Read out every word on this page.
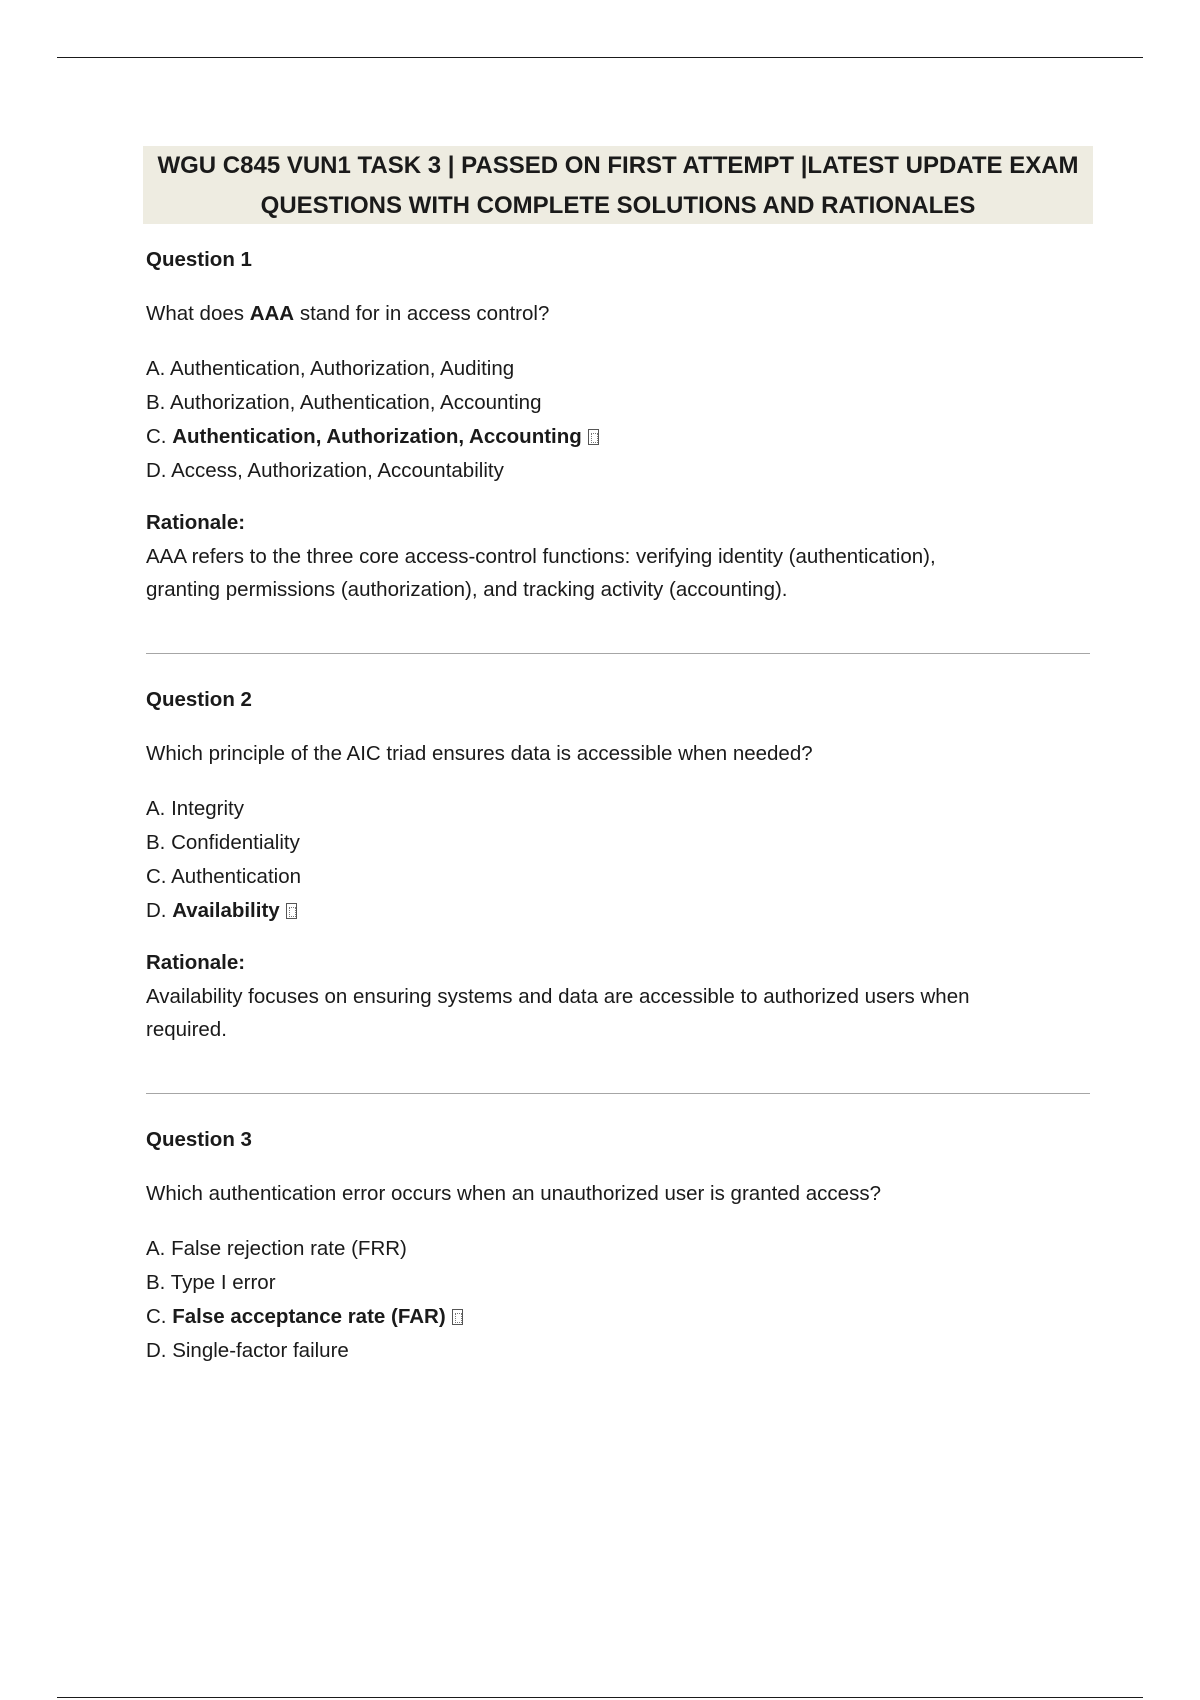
WGU C845 VUN1 TASK 3 | PASSED ON FIRST ATTEMPT |LATEST UPDATE EXAM
QUESTIONS WITH COMPLETE SOLUTIONS AND RATIONALES
Question 1
What does AAA stand for in access control?
A. Authentication, Authorization, Auditing
B. Authorization, Authentication, Accounting
C. Authentication, Authorization, Accounting
D. Access, Authorization, Accountability
Rationale:
AAA refers to the three core access-control functions: verifying identity (authentication),
granting permissions (authorization), and tracking activity (accounting).
Question 2
Which principle of the AIC triad ensures data is accessible when needed?
A. Integrity
B. Confidentiality
C. Authentication
D. Availability
Rationale:
Availability focuses on ensuring systems and data are accessible to authorized users when
required.
Question 3
Which authentication error occurs when an unauthorized user is granted access?
A. False rejection rate (FRR)
B. Type I error
C. False acceptance rate (FAR)
D. Single-factor failure
